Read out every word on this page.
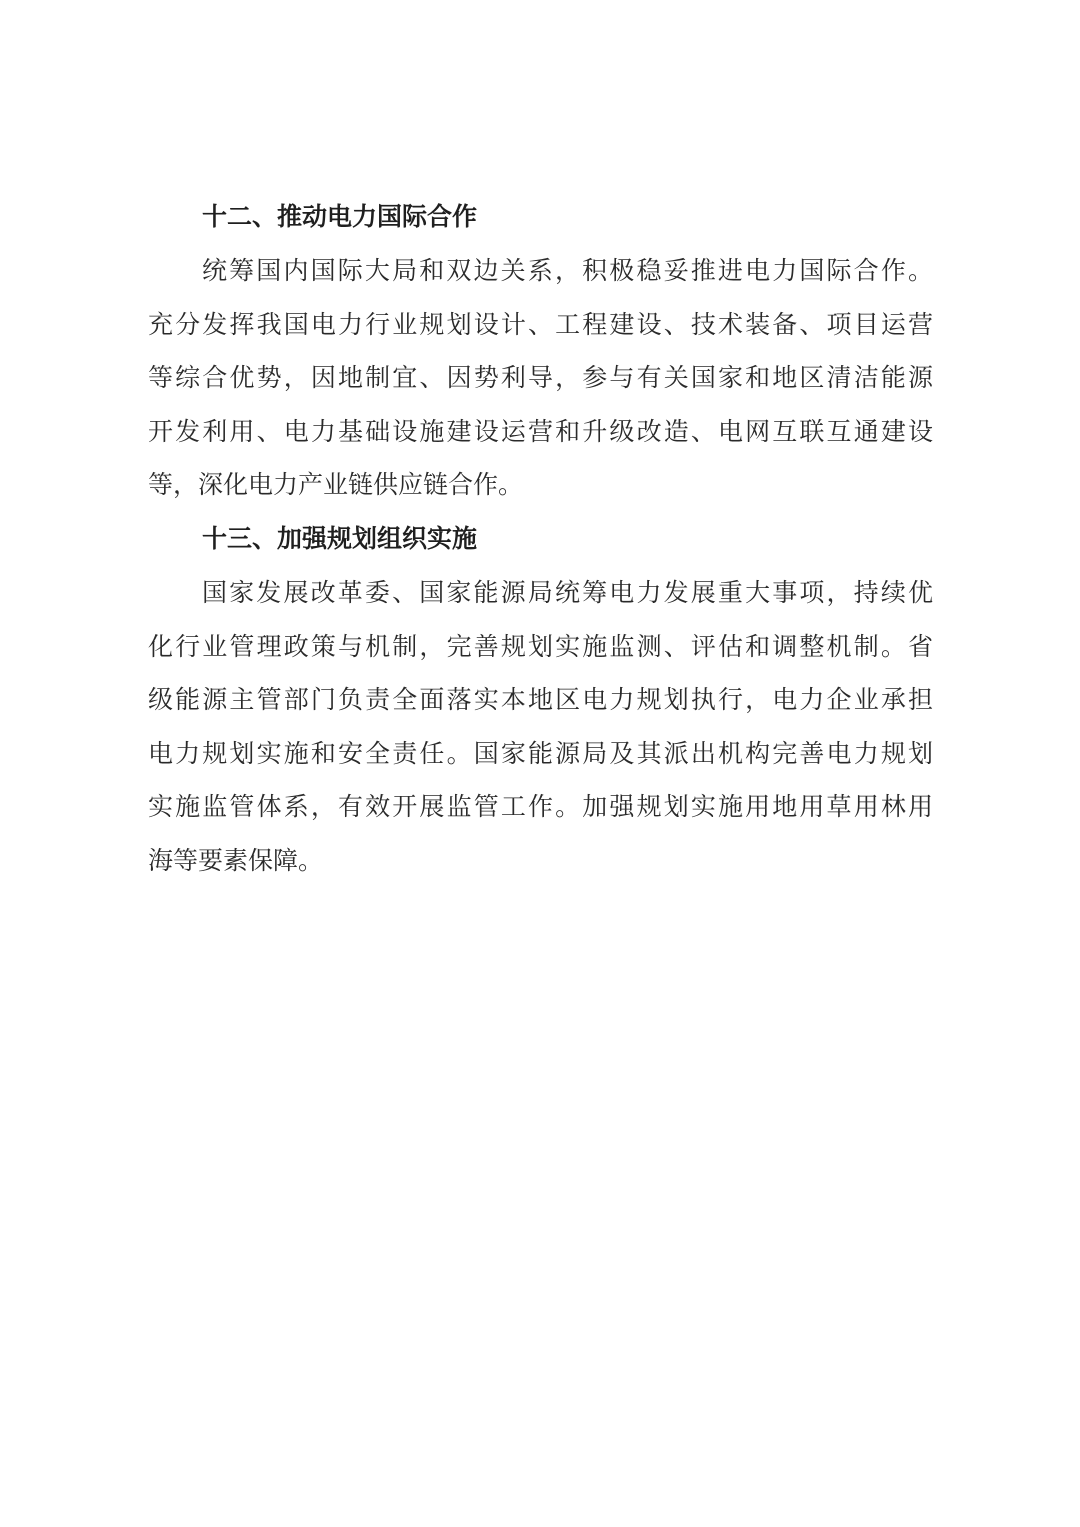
十二、推动电力国际合作

统筹国内国际大局和双边关系，积极稳妥推进电力国际合作。
充分发挥我国电力行业规划设计、工程建设、技术装备、项目运营
等综合优势，因地制宜、因势利导，参与有关国家和地区清洁能源
开发利用、电力基础设施建设运营和升级改造、电网互联互通建设
等，深化电力产业链供应链合作。

十三、加强规划组织实施

国家发展改革委、国家能源局统筹电力发展重大事项，持续优
化行业管理政策与机制，完善规划实施监测、评估和调整机制。省
级能源主管部门负责全面落实本地区电力规划执行，电力企业承担
电力规划实施和安全责任。国家能源局及其派出机构完善电力规划
实施监管体系，有效开展监管工作。加强规划实施用地用草用林用
海等要素保障。
